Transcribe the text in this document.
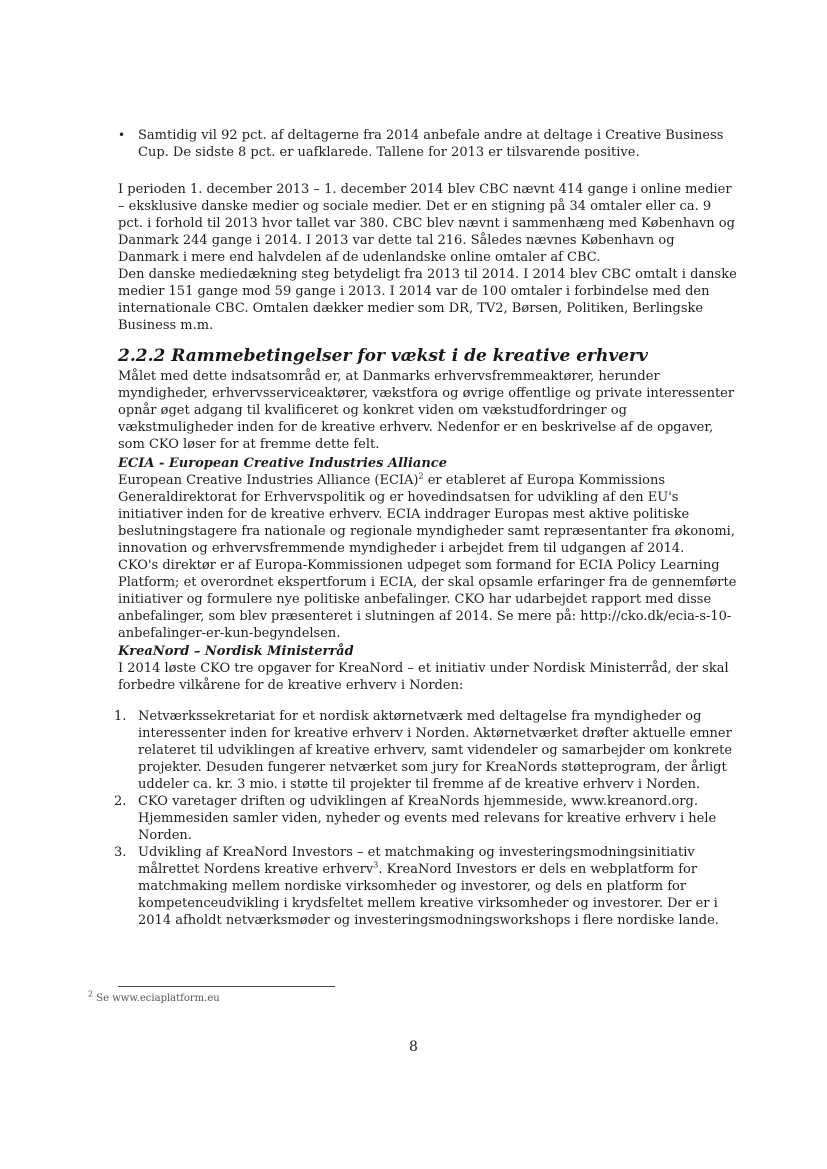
• Samtidig vil 92 pct. af deltagerne fra 2014 anbefale andre at deltage i Creative Business Cup. De sidste 8 pct. er uafklarede. Tallene for 2013 er tilsvarende positive.

I perioden 1. december 2013 – 1. december 2014 blev CBC nævnt 414 gange i online medier – eksklusive danske medier og sociale medier. Det er en stigning på 34 omtaler eller ca. 9 pct. i forhold til 2013 hvor tallet var 380. CBC blev nævnt i sammenhæng med København og Danmark 244 gange i 2014. I 2013 var dette tal 216. Således nævnes København og Danmark i mere end halvdelen af de udenlandske online omtaler af CBC.

Den danske mediedækning steg betydeligt fra 2013 til 2014. I 2014 blev CBC omtalt i danske medier 151 gange mod 59 gange i 2013. I 2014 var de 100 omtaler i forbindelse med den internationale CBC. Omtalen dækker medier som DR, TV2, Børsen, Politiken, Berlingske Business m.m.

2.2.2 Rammebetingelser for vækst i de kreative erhverv

Målet med dette indsatsområd er, at Danmarks erhvervsfremmeaktører, herunder myndigheder, erhvervsserviceaktører, vækstfora og øvrige offentlige og private interessenter opnår øget adgang til kvalificeret og konkret viden om vækstudfordringer og vækstmuligheder inden for de kreative erhverv. Nedenfor er en beskrivelse af de opgaver, som CKO løser for at fremme dette felt.

ECIA - European Creative Industries Alliance

European Creative Industries Alliance (ECIA)$^2$ er etableret af Europa Kommissions Generaldirektorat for Erhvervspolitik og er hovedindsatsen for udvikling af den EU's initiativer inden for de kreative erhverv. ECIA inddrager Europas mest aktive politiske beslutningstagere fra nationale og regionale myndigheder samt repræsentanter fra økonomi, innovation og erhvervsfremmende myndigheder i arbejdet frem til udgangen af 2014.

CKO's direktør er af Europa-Kommissionen udpeget som formand for ECIA Policy Learning Platform; et overordnet ekspertforum i ECIA, der skal opsamle erfaringer fra de gennemførte initiativer og formulere nye politiske anbefalinger. CKO har udarbejdet rapport med disse anbefalinger, som blev præsenteret i slutningen af 2014. Se mere på: http://cko.dk/ecia-s-10-anbefalinger-er-kun-begyndelsen.

KreaNord – Nordisk Ministerråd

I 2014 løste CKO tre opgaver for KreaNord – et initiativ under Nordisk Ministerråd, der skal forbedre vilkårene for de kreative erhverv i Norden:

1. Netværkssekretariat for et nordisk aktørnetværk med deltagelse fra myndigheder og interessenter inden for kreative erhverv i Norden. Aktørnetværket drøfter aktuelle emner relateret til udviklingen af kreative erhverv, samt videndeler og samarbejder om konkrete projekter. Desuden fungerer netværket som jury for KreaNords støtteprogram, der årligt uddeler ca. kr. 3 mio. i støtte til projekter til fremme af de kreative erhverv i Norden.
2. CKO varetager driften og udviklingen af KreaNords hjemmeside, www.kreanord.org. Hjemmesiden samler viden, nyheder og events med relevans for kreative erhverv i hele Norden.
3. Udvikling af KreaNord Investors – et matchmaking og investeringsmodningsinitiativ målrettet Nordens kreative erhverv$^3$. KreaNord Investors er dels en webplatform for matchmaking mellem nordiske virksomheder og investorer, og dels en platform for kompetenceudvikling i krydsfeltet mellem kreative virksomheder og investorer. Der er i 2014 afholdt netværksmøder og investeringsmodningsworkshops i flere nordiske lande.
$^2$ Se www.eciaplatform.eu
8
